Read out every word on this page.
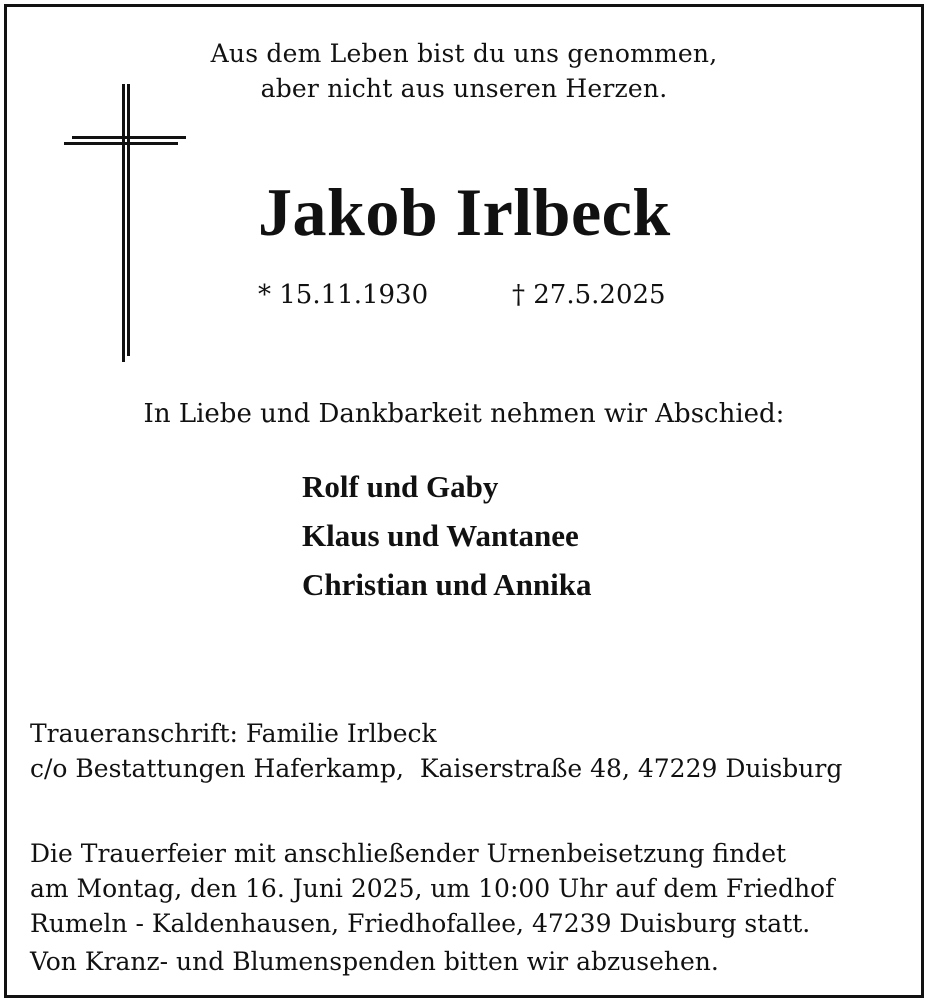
Aus dem Leben bist du uns genommen,
aber nicht aus unseren Herzen.
Jakob Irlbeck
* 15.11.1930	† 27.5.2025
In Liebe und Dankbarkeit nehmen wir Abschied:
Rolf und Gaby
Klaus und Wantanee
Christian und Annika
Traueranschrift: Familie Irlbeck
c/o Bestattungen Haferkamp,  Kaiserstraße 48, 47229 Duisburg
Die Trauerfeier mit anschließender Urnenbeisetzung findet
am Montag, den 16. Juni 2025, um 10:00 Uhr auf dem Friedhof
Rumeln - Kaldenhausen, Friedhofallee, 47239 Duisburg statt.
Von Kranz- und Blumenspenden bitten wir abzusehen.
